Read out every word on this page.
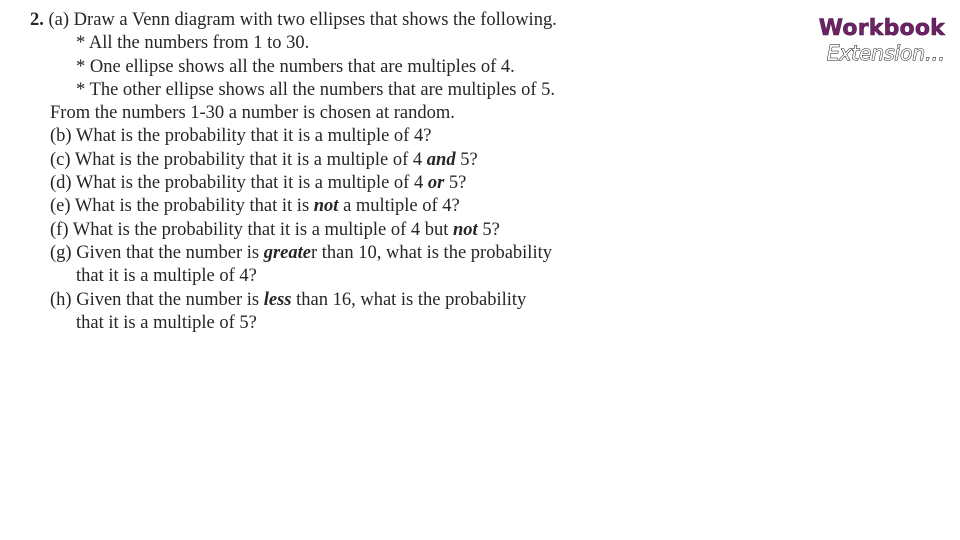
2. (a) Draw a Venn diagram with two ellipses that shows the following.
* All the numbers from 1 to 30.
* One ellipse shows all the numbers that are multiples of 4.
* The other ellipse shows all the numbers that are multiples of 5.
From the numbers 1-30 a number is chosen at random.
(b) What is the probability that it is a multiple of 4?
(c) What is the probability that it is a multiple of 4 and 5?
(d) What is the probability that it is a multiple of 4 or 5?
(e) What is the probability that it is not a multiple of 4?
(f) What is the probability that it is a multiple of 4 but not 5?
(g) Given that the number is greater than 10, what is the probability
that it is a multiple of 4?
(h) Given that the number is less than 16, what is the probability
that it is a multiple of 5?
Workbook
Extension…
